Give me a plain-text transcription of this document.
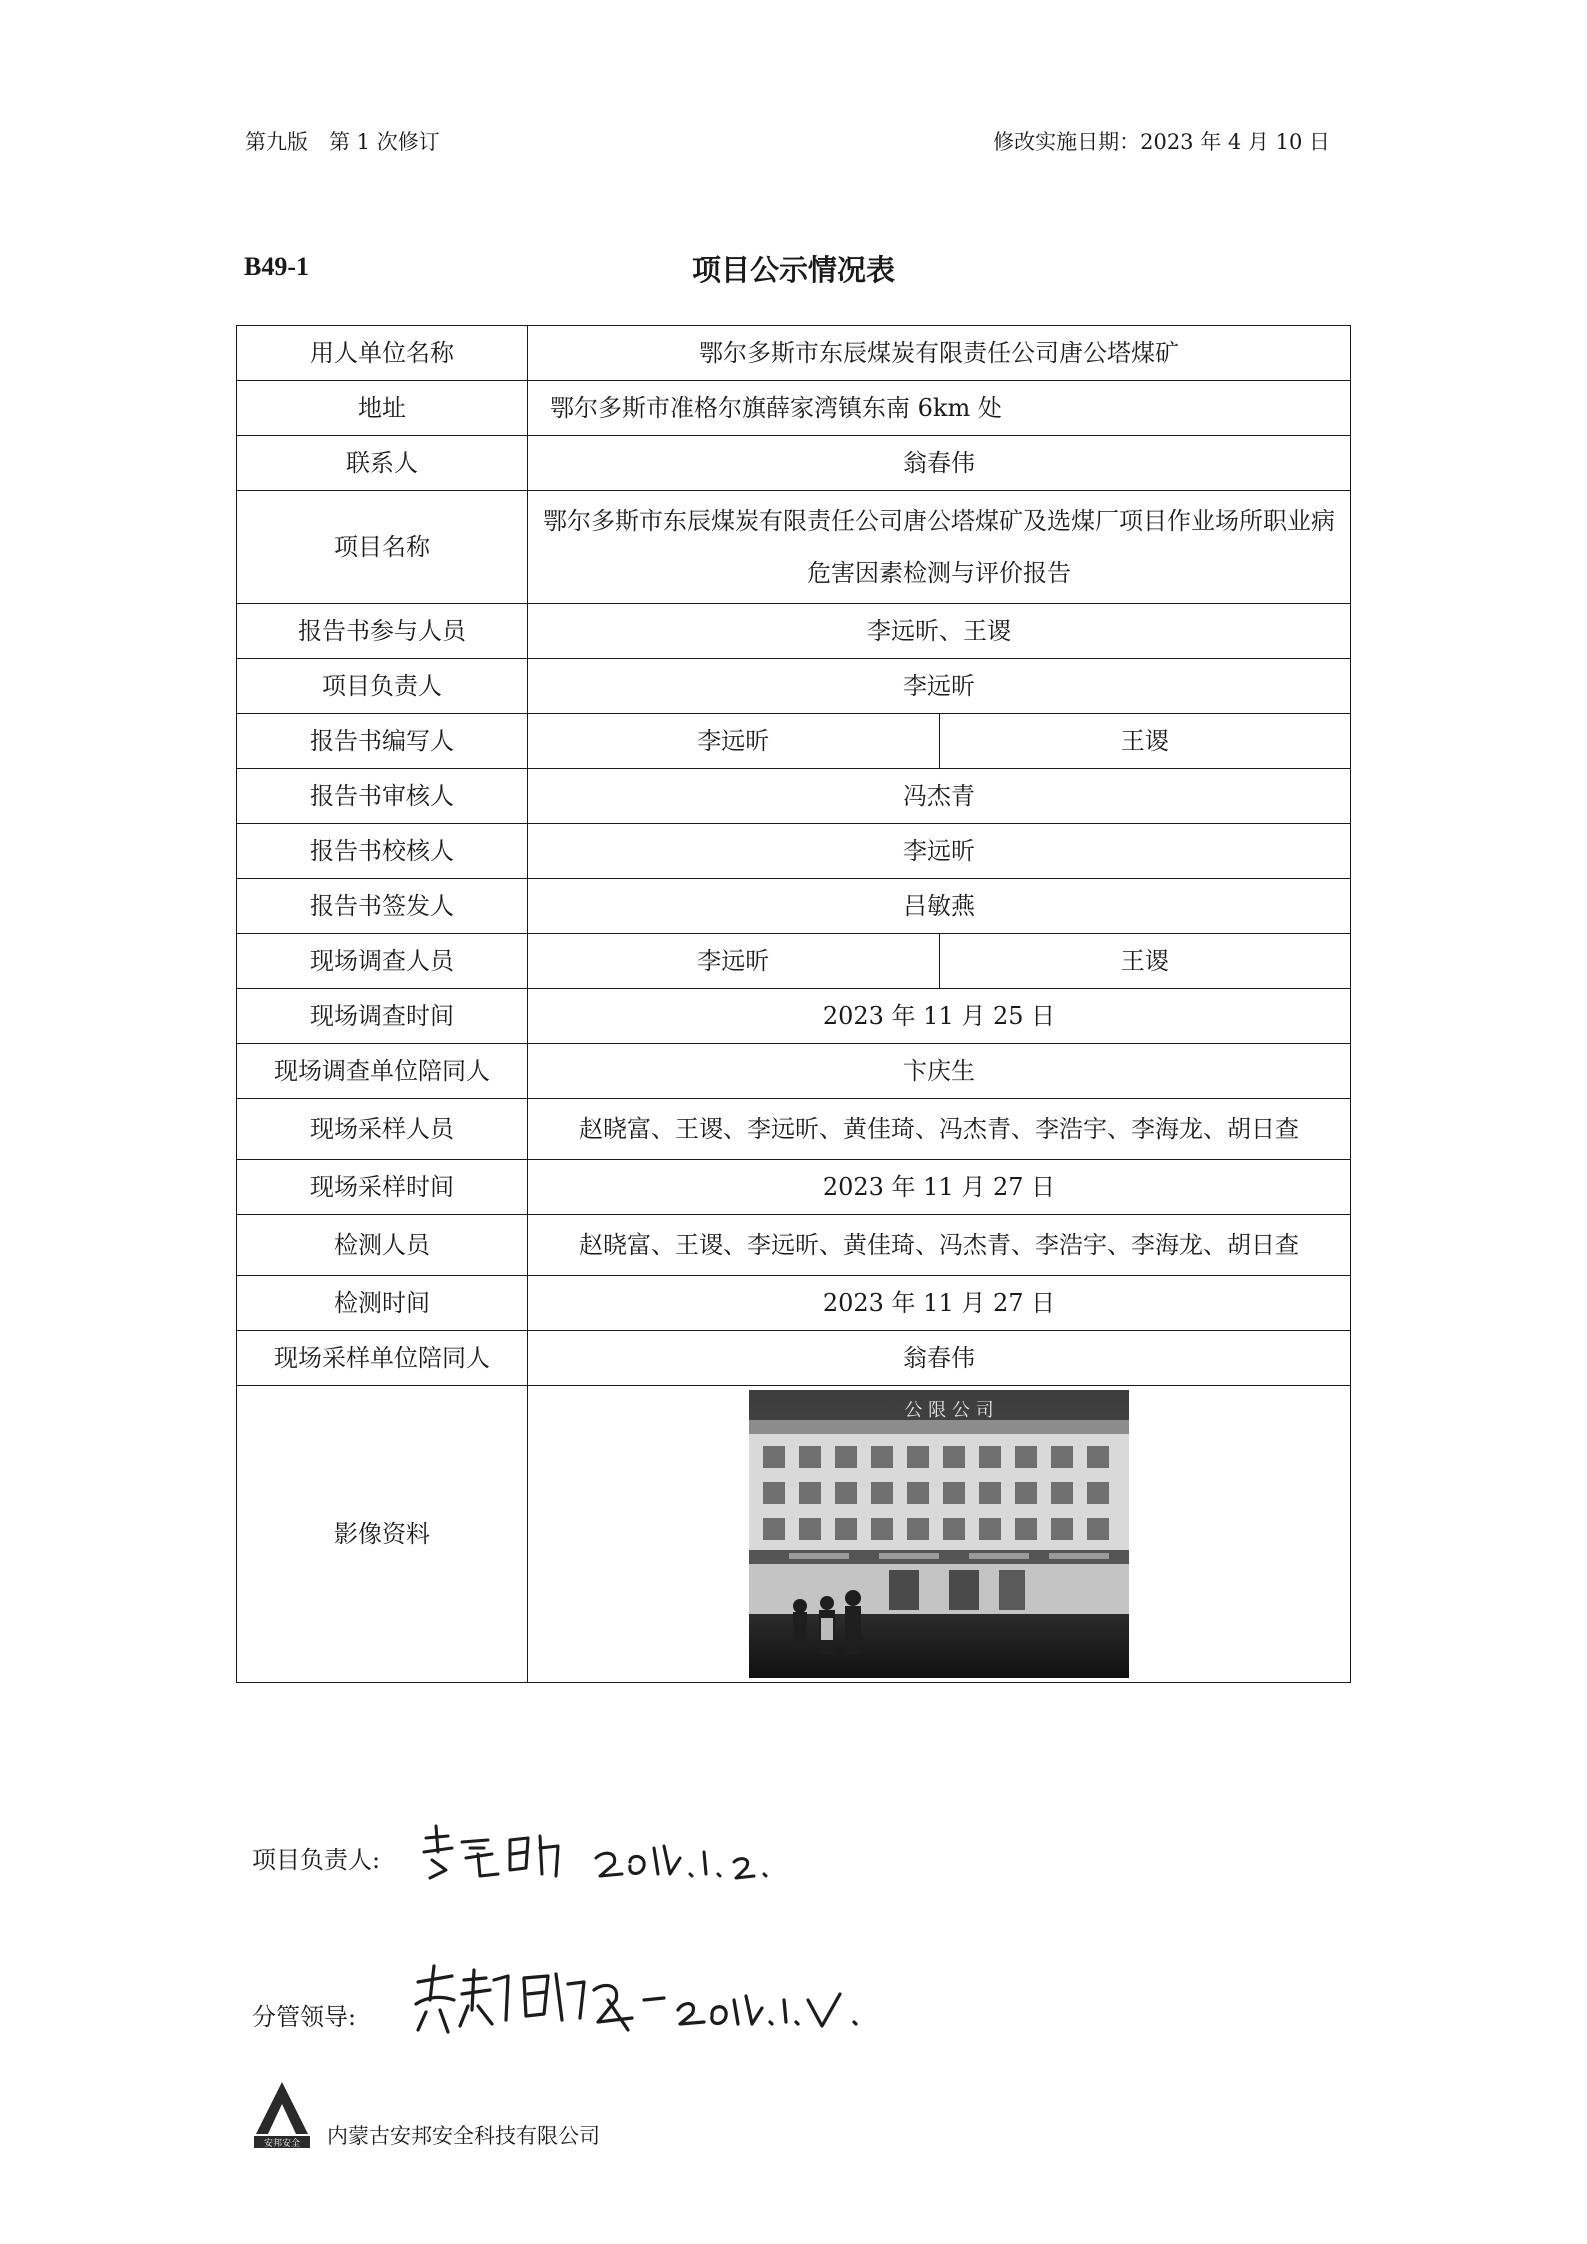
第九版　第 1 次修订	修改实施日期：2023 年 4 月 10 日
B49-1	项目公示情况表
用人单位名称	鄂尔多斯市东辰煤炭有限责任公司唐公塔煤矿	
地址	鄂尔多斯市准格尔旗薛家湾镇东南 6km 处	
联系人	翁春伟	
项目名称	鄂尔多斯市东辰煤炭有限责任公司唐公塔煤矿及选煤厂项目作业场所职业病危害因素检测与评价报告	
报告书参与人员	李远昕、王谡	
项目负责人	李远昕	
报告书编写人	李远昕	王谡
报告书审核人	冯杰青	
报告书校核人	李远昕	
报告书签发人	吕敏燕	
现场调查人员	李远昕	王谡
现场调查时间	2023 年 11 月 25 日	
现场调查单位陪同人	卞庆生	
现场采样人员	赵晓富、王谡、李远昕、黄佳琦、冯杰青、李浩宇、李海龙、胡日查	
现场采样时间	2023 年 11 月 27 日	
检测人员	赵晓富、王谡、李远昕、黄佳琦、冯杰青、李浩宇、李海龙、胡日查	
检测时间	2023 年 11 月 27 日	
现场采样单位陪同人	翁春伟	
影像资料	公 限 公 司	
项目负责人:
分管领导:
安邦安全 内蒙古安邦安全科技有限公司
